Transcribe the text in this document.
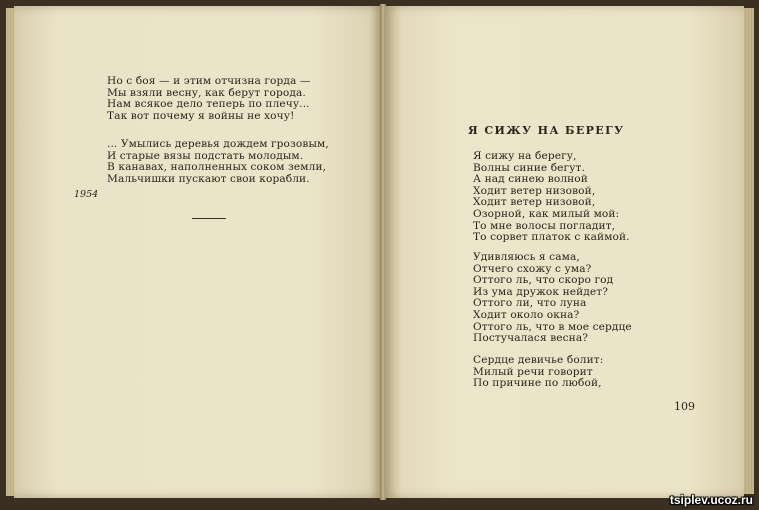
Но с боя — и этим отчизна горда —
Мы взяли весну, как берут города.
Нам всякое дело теперь по плечу...
Так вот почему я войны не хочу!
... Умылись деревья дождем грозовым,
И старые вязы подстать молодым.
В канавах, наполненных соком земли,
Мальчишки пускают свои корабли.
1954
Я СИЖУ НА БЕРЕГУ
Я сижу на берегу,
Волны синие бегут.
А над синею волной
Ходит ветер низовой,
Ходит ветер низовой,
Озорной, как милый мой:
То мне волосы погладит,
То сорвет платок с каймой.
Удивляюсь я сама,
Отчего схожу с ума?
Оттого ль, что скоро год
Из ума дружок нейдет?
Оттого ли, что луна
Ходит около окна?
Оттого ль, что в мое сердце
Постучалася весна?
Сердце девичье болит:
Милый речи говорит
По причине по любой,
109
tsiplev.ucoz.ru
